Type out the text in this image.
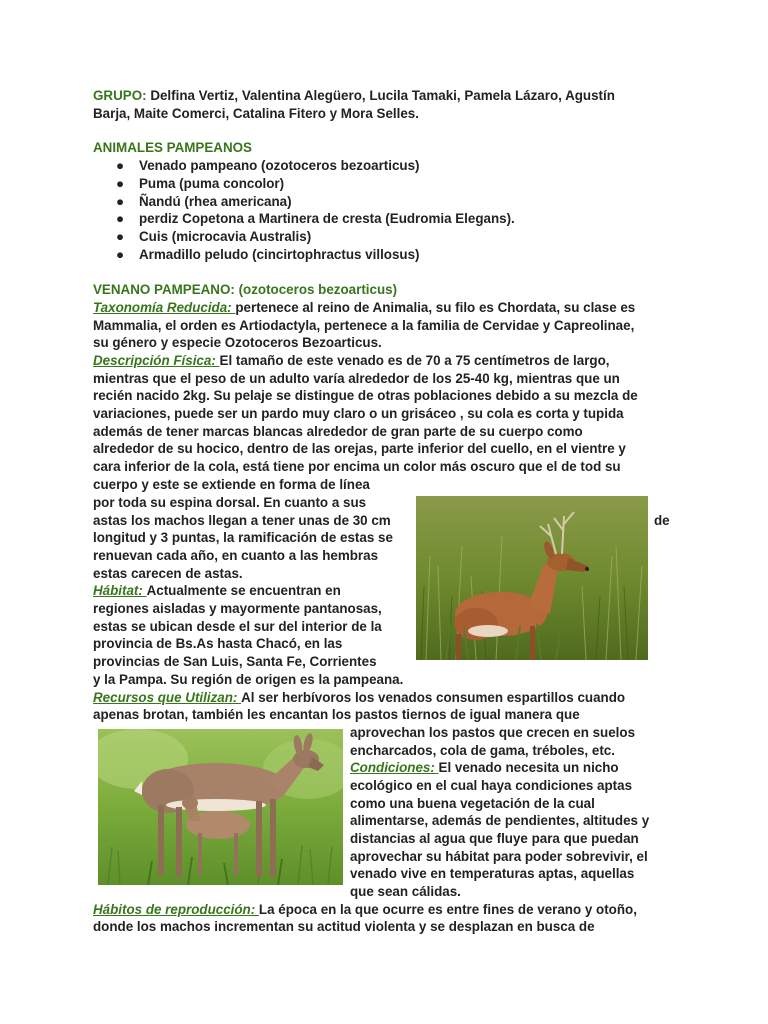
GRUPO: Delfina Vertiz, Valentina Alegüero, Lucila Tamaki, Pamela Lázaro, Agustín
Barja, Maite Comerci, Catalina Fitero y Mora Selles.
ANIMALES PAMPEANOS
● Venado pampeano (ozotoceros bezoarticus)
● Puma (puma concolor)
● Ñandú (rhea americana)
● perdiz Copetona a Martinera de cresta (Eudromia Elegans).
● Cuis (microcavia Australis)
● Armadillo peludo (cincirtophractus villosus)
VENANO PAMPEANO: (ozotoceros bezoarticus)
Taxonomía Reducida: pertenece al reino de Animalia, su filo es Chordata, su clase es
Mammalia, el orden es Artiodactyla, pertenece a la familia de Cervidae y Capreolinae,
su género y especie Ozotoceros Bezoarticus.
Descripción Física: El tamaño de este venado es de 70 a 75 centímetros de largo,
mientras que el peso de un adulto varía alrededor de los 25-40 kg, mientras que un
recién nacido 2kg. Su pelaje se distingue de otras poblaciones debido a su mezcla de
variaciones, puede ser un pardo muy claro o un grisáceo , su cola es corta y tupida
además de tener marcas blancas alrededor de gran parte de su cuerpo como
alrededor de su hocico, dentro de las orejas, parte inferior del cuello, en el vientre y
cara inferior de la cola, está tiene por encima un color más oscuro que el de tod su
cuerpo y este se extiende en forma de línea
por toda su espina dorsal. En cuanto a sus
astas los machos llegan a tener unas de 30 cm	de
longitud y 3 puntas, la ramificación de estas se
renuevan cada año, en cuanto a las hembras
estas carecen de astas.
Hábitat: Actualmente se encuentran en
regiones aisladas y mayormente pantanosas,
estas se ubican desde el sur del interior de la
provincia de Bs.As hasta Chacó, en las
provincias de San Luis, Santa Fe, Corrientes
y la Pampa. Su región de origen es la pampeana.
Recursos que Utilizan: Al ser herbívoros los venados consumen espartillos cuando
apenas brotan, también les encantan los pastos tiernos de igual manera que
aprovechan los pastos que crecen en suelos
encharcados, cola de gama, tréboles, etc.
Condiciones: El venado necesita un nicho
ecológico en el cual haya condiciones aptas
como una buena vegetación de la cual
alimentarse, además de pendientes, altitudes y
distancias al agua que fluye para que puedan
aprovechar su hábitat para poder sobrevivir, el
venado vive en temperaturas aptas, aquellas
que sean cálidas.
Hábitos de reproducción: La época en la que ocurre es entre fines de verano y otoño,
donde los machos incrementan su actitud violenta y se desplazan en busca de
